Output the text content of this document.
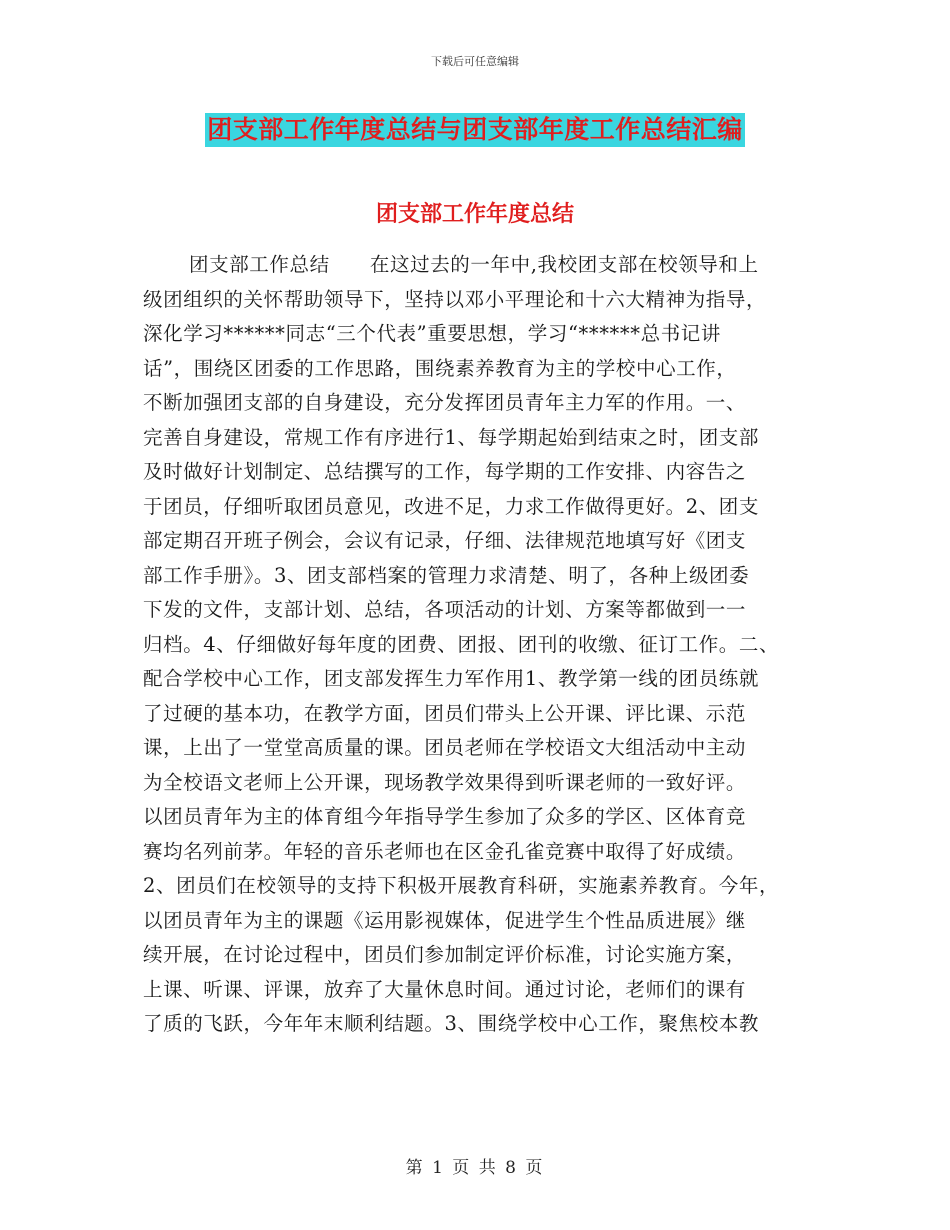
下载后可任意编辑
团支部工作年度总结与团支部年度工作总结汇编
团支部工作年度总结
团支部工作总结　　在这过去的一年中,我校团支部在校领导和上
级团组织的关怀帮助领导下，坚持以邓小平理论和十六大精神为指导，
深化学习******同志“三个代表”重要思想，学习“******总书记讲
话”，围绕区团委的工作思路，围绕素养教育为主的学校中心工作，
不断加强团支部的自身建设，充分发挥团员青年主力军的作用。一、
完善自身建设，常规工作有序进行1、每学期起始到结束之时，团支部
及时做好计划制定、总结撰写的工作，每学期的工作安排、内容告之
于团员，仔细听取团员意见，改进不足，力求工作做得更好。2、团支
部定期召开班子例会，会议有记录，仔细、法律规范地填写好《团支
部工作手册》。3、团支部档案的管理力求清楚、明了，各种上级团委
下发的文件，支部计划、总结，各项活动的计划、方案等都做到一一
归档。4、仔细做好每年度的团费、团报、团刊的收缴、征订工作。二、
配合学校中心工作，团支部发挥生力军作用1、教学第一线的团员练就
了过硬的基本功，在教学方面，团员们带头上公开课、评比课、示范
课，上出了一堂堂高质量的课。团员老师在学校语文大组活动中主动
为全校语文老师上公开课，现场教学效果得到听课老师的一致好评。
以团员青年为主的体育组今年指导学生参加了众多的学区、区体育竞
赛均名列前茅。年轻的音乐老师也在区金孔雀竞赛中取得了好成绩。
2、团员们在校领导的支持下积极开展教育科研，实施素养教育。今年，
以团员青年为主的课题《运用影视媒体，促进学生个性品质进展》继
续开展，在讨论过程中，团员们参加制定评价标准，讨论实施方案，
上课、听课、评课，放弃了大量休息时间。通过讨论，老师们的课有
了质的飞跃，今年年末顺利结题。3、围绕学校中心工作，聚焦校本教
第 1 页 共 8 页
